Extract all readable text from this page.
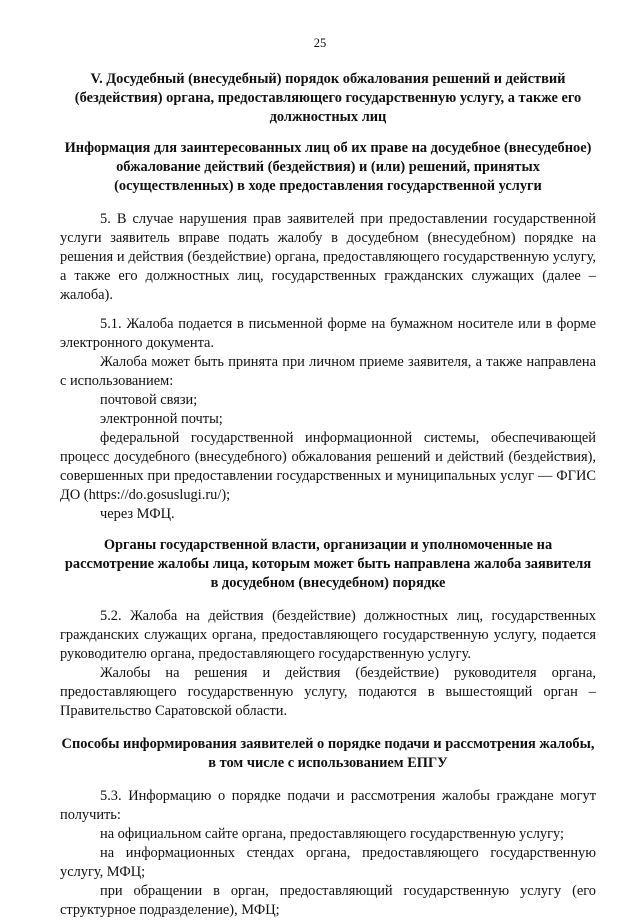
25

V. Досудебный (внесудебный) порядок обжалования решений и действий (бездействия) органа, предоставляющего государственную услугу, а также его должностных лиц

Информация для заинтересованных лиц об их праве на досудебное (внесудебное) обжалование действий (бездействия) и (или) решений, принятых (осуществленных) в ходе предоставления государственной услуги

5. В случае нарушения прав заявителей при предоставлении государственной услуги заявитель вправе подать жалобу в досудебном (внесудебном) порядке на решения и действия (бездействие) органа, предоставляющего государственную услугу, а также его должностных лиц, государственных гражданских служащих (далее – жалоба).

5.1. Жалоба подается в письменной форме на бумажном носителе или в форме электронного документа.

Жалоба может быть принята при личном приеме заявителя, а также направлена с использованием:

почтовой связи;

электронной почты;

федеральной государственной информационной системы, обеспечивающей процесс досудебного (внесудебного) обжалования решений и действий (бездействия), совершенных при предоставлении государственных и муниципальных услуг — ФГИС ДО (https://do.gosuslugi.ru/);

через МФЦ.

Органы государственной власти, организации и уполномоченные на рассмотрение жалобы лица, которым может быть направлена жалоба заявителя в досудебном (внесудебном) порядке

5.2. Жалоба на действия (бездействие) должностных лиц, государственных гражданских служащих органа, предоставляющего государственную услугу, подается руководителю органа, предоставляющего государственную услугу.

Жалобы на решения и действия (бездействие) руководителя органа, предоставляющего государственную услугу, подаются в вышестоящий орган – Правительство Саратовской области.

Способы информирования заявителей о порядке подачи и рассмотрения жалобы, в том числе с использованием ЕПГУ

5.3. Информацию о порядке подачи и рассмотрения жалобы граждане могут получить:

на официальном сайте органа, предоставляющего государственную услугу;

на информационных стендах органа, предоставляющего государственную услугу, МФЦ;

при обращении в орган, предоставляющий государственную услугу (его структурное подразделение), МФЦ;
